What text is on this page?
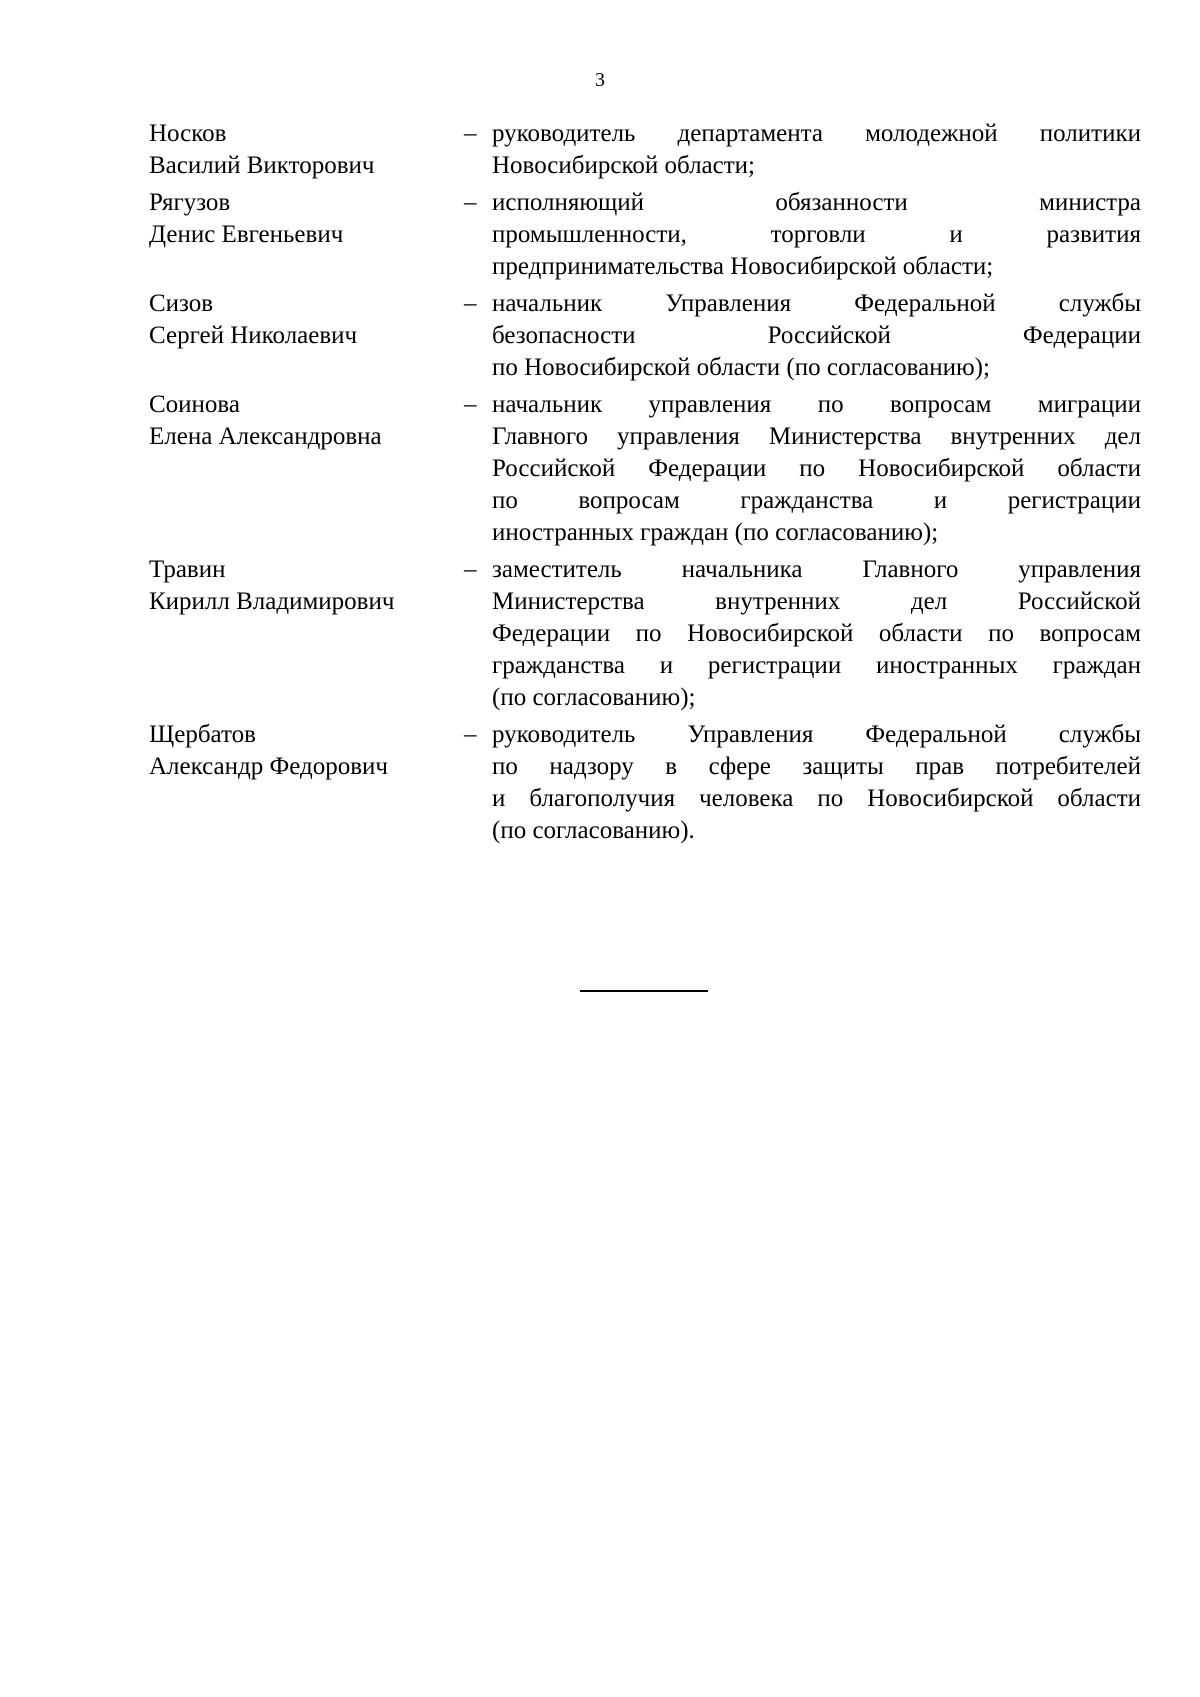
3
Носков
Василий Викторович
– руководитель департамента молодежной политики
Новосибирской области;
Рягузов
Денис Евгеньевич
– исполняющий обязанности министра
промышленности, торговли и развития
предпринимательства Новосибирской области;
Сизов
Сергей Николаевич
– начальник Управления Федеральной службы
безопасности Российской Федерации
по Новосибирской области (по согласованию);
Соинова
Елена Александровна
– начальник управления по вопросам миграции
Главного управления Министерства внутренних дел
Российской Федерации по Новосибирской области
по вопросам гражданства и регистрации
иностранных граждан (по согласованию);
Травин
Кирилл Владимирович
– заместитель начальника Главного управления
Министерства внутренних дел Российской
Федерации по Новосибирской области по вопросам
гражданства и регистрации иностранных граждан
(по согласованию);
Щербатов
Александр Федорович
– руководитель Управления Федеральной службы
по надзору в сфере защиты прав потребителей
и благополучия человека по Новосибирской области
(по согласованию).
